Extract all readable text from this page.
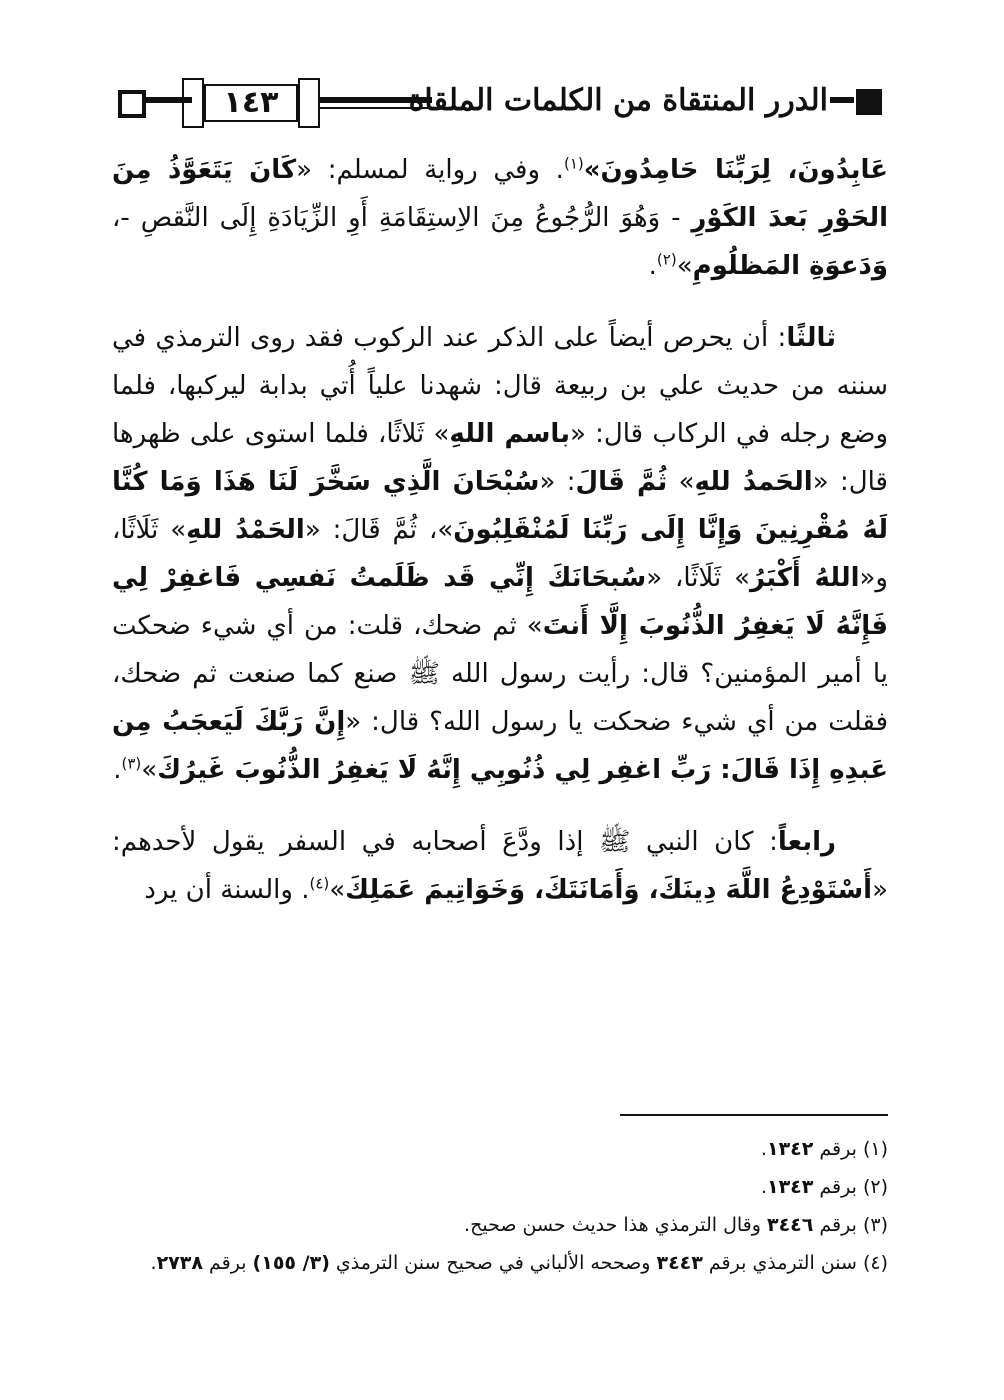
١٤٣	الدرر المنتقاة من الكلمات الملقاة

عَابِدُونَ، لِرَبِّنَا حَامِدُونَ»$^{(١)}$. وفي رواية لمسلم: «كَانَ يَتَعَوَّذُ مِنَ الحَوْرِ بَعدَ الكَوْرِ - وَهُوَ الرُّجُوعُ مِنَ الاِستِقَامَةِ أَوِ الزِّيَادَةِ إِلَى النَّقصِ -، وَدَعوَةِ المَظلُومِ»$^{(٢)}$.

  ثالثًا: أن يحرص أيضاً على الذكر عند الركوب فقد روى الترمذي في سننه من حديث علي بن ربيعة قال: شهدنا علياً أُتي بدابة ليركبها، فلما وضع رجله في الركاب قال: «باسم اللهِ» ثَلاثًا، فلما استوى على ظهرها قال: «الحَمدُ للهِ» ثُمَّ قَالَ: «سُبْحَانَ الَّذِي سَخَّرَ لَنَا هَذَا وَمَا كُنَّا لَهُ مُقْرِنِينَ وَإِنَّا إِلَى رَبِّنَا لَمُنْقَلِبُونَ»، ثُمَّ قَالَ: «الحَمْدُ للهِ» ثَلَاثًا، و«اللهُ أَكْبَرُ» ثَلَاثًا، «سُبحَانَكَ إِنِّي قَد ظَلَمتُ نَفسِي فَاغفِرْ لِي فَإِنَّهُ لَا يَغفِرُ الذُّنُوبَ إِلَّا أَنتَ» ثم ضحك، قلت: من أي شيء ضحكت يا أمير المؤمنين؟ قال: رأيت رسول الله ﷺ صنع كما صنعت ثم ضحك، فقلت من أي شيء ضحكت يا رسول الله؟ قال: «إِنَّ رَبَّكَ لَيَعجَبُ مِن عَبدِهِ إِذَا قَالَ: رَبِّ اغفِر لِي ذُنُوبِي إِنَّهُ لَا يَغفِرُ الذُّنُوبَ غَيرُكَ»$^{(٣)}$.

  رابعاً: كان النبي ﷺ إذا ودَّعَ أصحابه في السفر يقول لأحدهم: «أَسْتَوْدِعُ اللَّهَ دِينَكَ، وَأَمَانَتَكَ، وَخَوَاتِيمَ عَمَلِكَ»$^{(٤)}$. والسنة أن يرد

(١) برقم ١٣٤٢.

(٢) برقم ١٣٤٣.

(٣) برقم ٣٤٤٦ وقال الترمذي هذا حديث حسن صحيح.

(٤) سنن الترمذي برقم ٣٤٤٣ وصححه الألباني في صحيح سنن الترمذي (٣/ ١٥٥) برقم ٢٧٣٨.
